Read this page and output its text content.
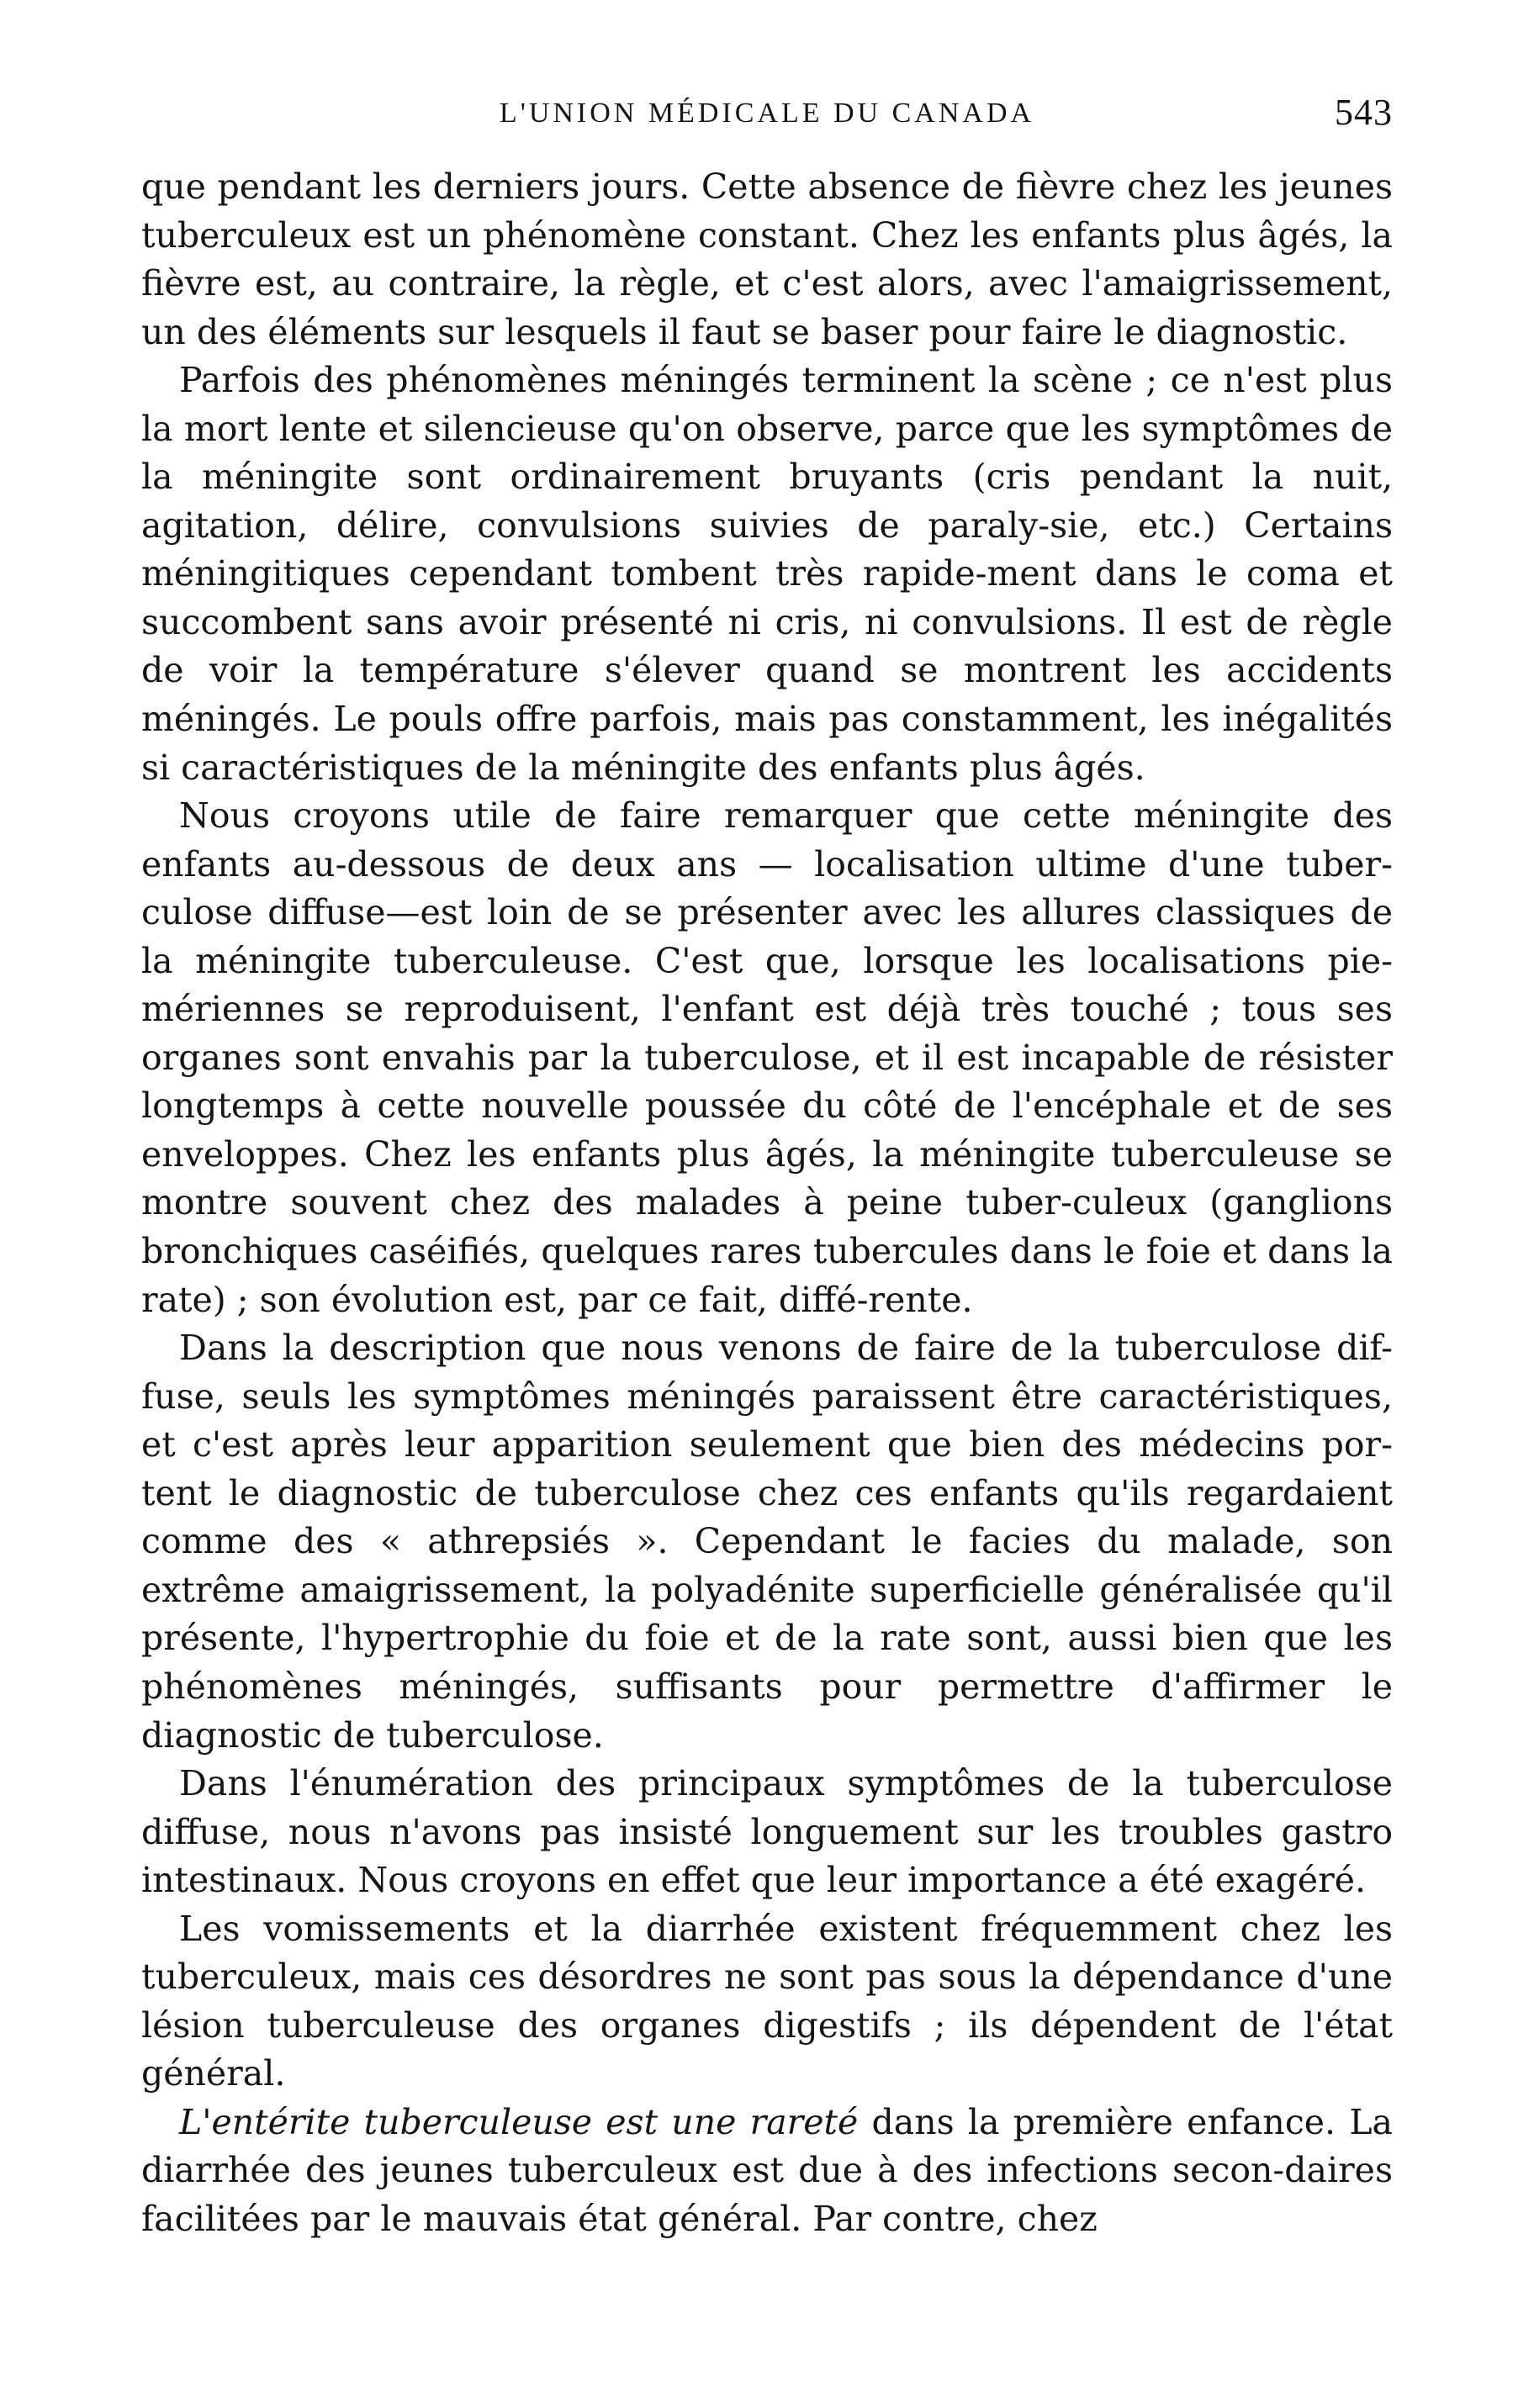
L'UNION MÉDICALE DU CANADA	543

que pendant les derniers jours. Cette absence de fièvre chez les jeunes tuberculeux est un phénomène constant. Chez les enfants plus âgés, la fièvre est, au contraire, la règle, et c'est alors, avec l'amaigrissement, un des éléments sur lesquels il faut se baser pour faire le diagnostic.

Parfois des phénomènes méningés terminent la scène ; ce n'est plus la mort lente et silencieuse qu'on observe, parce que les symptômes de la méningite sont ordinairement bruyants (cris pendant la nuit, agitation, délire, convulsions suivies de paraly-sie, etc.) Certains méningitiques cependant tombent très rapide-ment dans le coma et succombent sans avoir présenté ni cris, ni convulsions. Il est de règle de voir la température s'élever quand se montrent les accidents méningés. Le pouls offre parfois, mais pas constamment, les inégalités si caractéristiques de la méningite des enfants plus âgés.

Nous croyons utile de faire remarquer que cette méningite des enfants au-dessous de deux ans — localisation ultime d'une tuber-culose diffuse—est loin de se présenter avec les allures classiques de la méningite tuberculeuse. C'est que, lorsque les localisations pie-mériennes se reproduisent, l'enfant est déjà très touché ; tous ses organes sont envahis par la tuberculose, et il est incapable de résister longtemps à cette nouvelle poussée du côté de l'encéphale et de ses enveloppes. Chez les enfants plus âgés, la méningite tuberculeuse se montre souvent chez des malades à peine tuber-culeux (ganglions bronchiques caséifiés, quelques rares tubercules dans le foie et dans la rate) ; son évolution est, par ce fait, diffé-rente.

Dans la description que nous venons de faire de la tuberculose dif-fuse, seuls les symptômes méningés paraissent être caractéristiques, et c'est après leur apparition seulement que bien des médecins por-tent le diagnostic de tuberculose chez ces enfants qu'ils regardaient comme des « athrepsiés ». Cependant le facies du malade, son extrême amaigrissement, la polyadénite superficielle généralisée qu'il présente, l'hypertrophie du foie et de la rate sont, aussi bien que les phénomènes méningés, suffisants pour permettre d'affirmer le diagnostic de tuberculose.

Dans l'énumération des principaux symptômes de la tuberculose diffuse, nous n'avons pas insisté longuement sur les troubles gastro intestinaux. Nous croyons en effet que leur importance a été exagéré.

Les vomissements et la diarrhée existent fréquemment chez les tuberculeux, mais ces désordres ne sont pas sous la dépendance d'une lésion tuberculeuse des organes digestifs ; ils dépendent de l'état général.

L'entérite tuberculeuse est une rareté dans la première enfance. La diarrhée des jeunes tuberculeux est due à des infections secon-daires facilitées par le mauvais état général. Par contre, chez
